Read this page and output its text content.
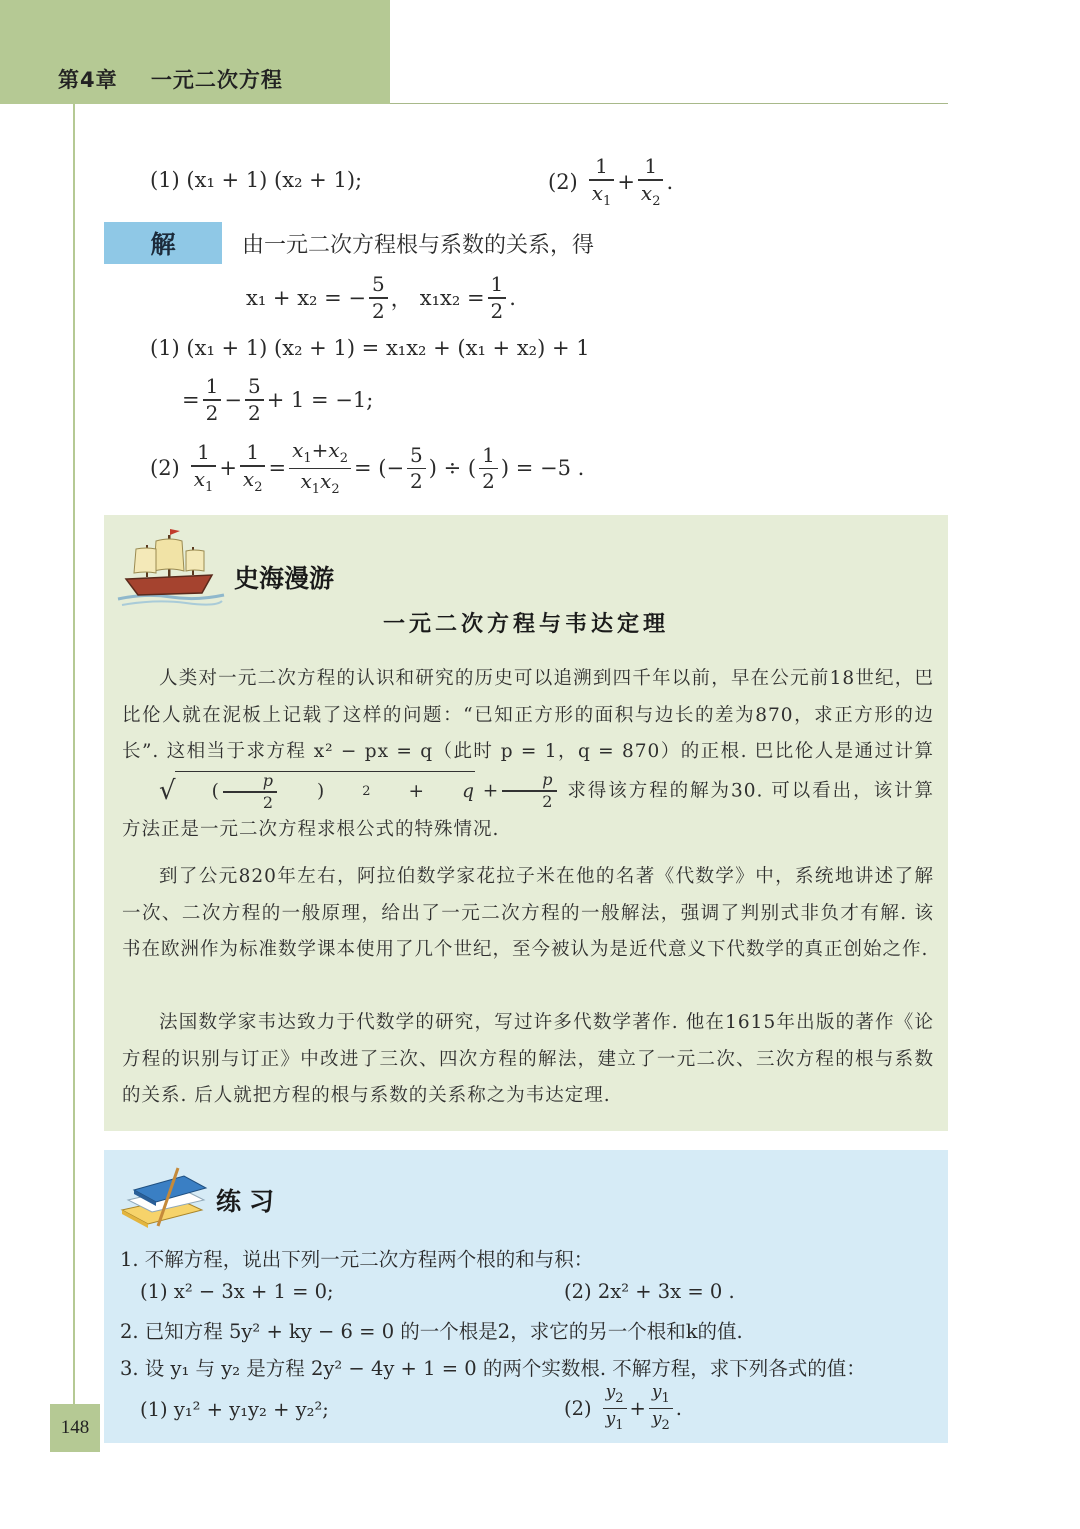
第4章    一元二次方程
(1) (x₁ + 1) (x₂ + 1);	$(2) \frac{1}{x_1} + \frac{1}{x_2}$ .
解	由一元二次方程根与系数的关系，得
x₁ + x₂ = − $\frac{5}{2}$ ， $x_1x_2 = \frac{1}{2}$ .
(1) (x₁ + 1) (x₂ + 1) = x₁x₂ + (x₁ + x₂) + 1
= $\frac{1}{2} - \frac{5}{2} + 1 = -1$;
$(2) \frac{1}{x_1} + \frac{1}{x_2} = \frac{x_1+x_2}{x_1x_2}$ = (− $\frac{5}{2}$ ) ÷ ( $\frac{1}{2}$ ) = −5 .
史海漫游
一元二次方程与韦达定理
人类对一元二次方程的认识和研究的历史可以追溯到四千年以前，早在公元前18世纪，巴比伦人就在泥板上记载了这样的问题：“已知正方形的面积与边长的差为870，求正方形的边长”. 这相当于求方程 x² − px = q（此时 p = 1，q = 870）的正根. 巴比伦人是通过计算
√	( $\frac{p}{2}$ )	2 +	$q + \frac{p}{2}$ 求得该方程的解为30. 可以看出，该计算方法正是一元二次方程求根公式的特殊情况.
到了公元820年左右，阿拉伯数学家花拉子米在他的名著《代数学》中，系统地讲述了解一次、二次方程的一般原理，给出了一元二次方程的一般解法，强调了判别式非负才有解. 该书在欧洲作为标准数学课本使用了几个世纪，至今被认为是近代意义下代数学的真正创始之作.
法国数学家韦达致力于代数学的研究，写过许多代数学著作. 他在1615年出版的著作《论方程的识别与订正》中改进了三次、四次方程的解法，建立了一元二次、三次方程的根与系数的关系. 后人就把方程的根与系数的关系称之为韦达定理.
练习
1. 不解方程，说出下列一元二次方程两个根的和与积：
(1) x² − 3x + 1 = 0;	(2) 2x² + 3x = 0 .
2. 已知方程 5y² + ky − 6 = 0 的一个根是2，求它的另一个根和k的值.
3. 设 y₁ 与 y₂ 是方程 2y² − 4y + 1 = 0 的两个实数根. 不解方程，求下列各式的值：
(1) y₁² + y₁y₂ + y₂²;	$(2) \frac{y_2}{y_1} + \frac{y_1}{y_2}$ .
148
